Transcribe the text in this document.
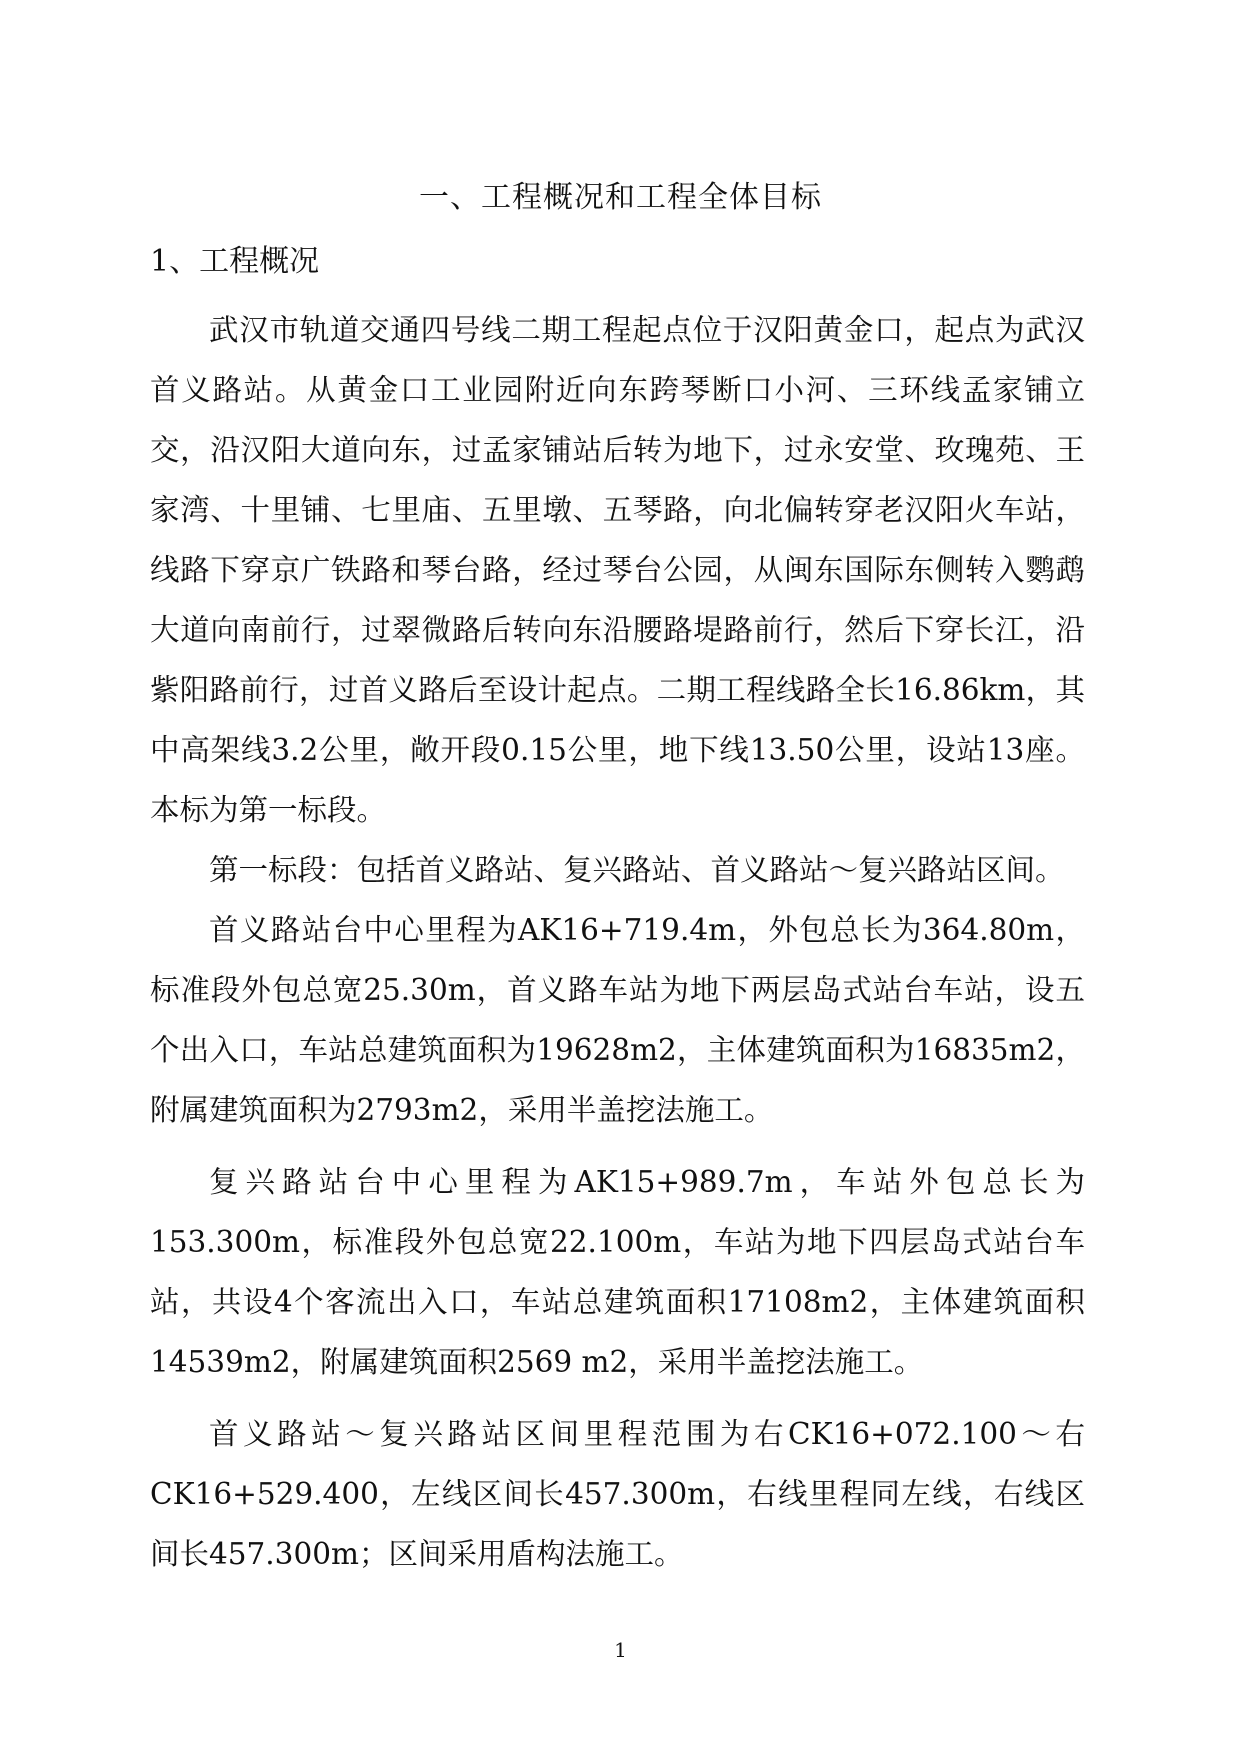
一、工程概况和工程全体目标
1、工程概况

武汉市轨道交通四号线二期工程起点位于汉阳黄金口，起点为武汉首义路站。从黄金口工业园附近向东跨琴断口小河、三环线孟家铺立交，沿汉阳大道向东，过孟家铺站后转为地下，过永安堂、玫瑰苑、王家湾、十里铺、七里庙、五里墩、五琴路，向北偏转穿老汉阳火车站，线路下穿京广铁路和琴台路，经过琴台公园，从闽东国际东侧转入鹦鹉大道向南前行，过翠微路后转向东沿腰路堤路前行，然后下穿长江，沿紫阳路前行，过首义路后至设计起点。二期工程线路全长16.86km，其中高架线3.2公里，敞开段0.15公里，地下线13.50公里，设站13座。本标为第一标段。

第一标段：包括首义路站、复兴路站、首义路站～复兴路站区间。

首义路站台中心里程为AK16+719.4m，外包总长为364.80m，标准段外包总宽25.30m，首义路车站为地下两层岛式站台车站，设五个出入口，车站总建筑面积为19628m2，主体建筑面积为16835m2，附属建筑面积为2793m2，采用半盖挖法施工。

复兴路站台中心里程为AK15+989.7m，车站外包总长为153.300m，标准段外包总宽22.100m，车站为地下四层岛式站台车站，共设4个客流出入口，车站总建筑面积17108m2，主体建筑面积14539m2，附属建筑面积2569 m2，采用半盖挖法施工。

首义路站～复兴路站区间里程范围为右CK16+072.100～右CK16+529.400，左线区间长457.300m，右线里程同左线，右线区间长457.300m；区间采用盾构法施工。

1
